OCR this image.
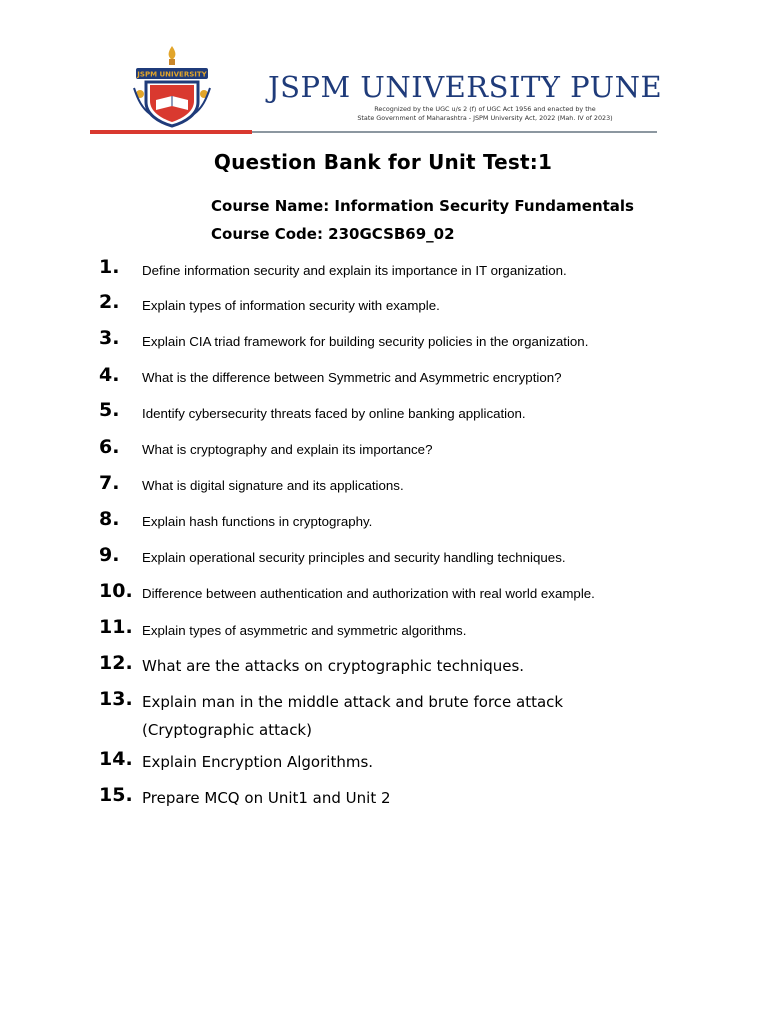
JSPM UNIVERSITY JSPM UNIVERSITY PUNE
Recognized by the UGC u/s 2 (f) of UGC Act 1956 and enacted by the
State Government of Maharashtra - JSPM University Act, 2022 (Mah. IV of 2023)
Question Bank for Unit Test:1
Course Name: Information Security Fundamentals
Course Code: 230GCSB69_02
1. Define information security and explain its importance in IT organization.
2. Explain types of information security with example.
3. Explain CIA triad framework for building security policies in the organization.
4. What is the difference between Symmetric and Asymmetric encryption?
5. Identify cybersecurity threats faced by online banking application.
6. What is cryptography and explain its importance?
7. What is digital signature and its applications.
8. Explain hash functions in cryptography.
9. Explain operational security principles and security handling techniques.
10. Difference between authentication and authorization with real world example.
11. Explain types of asymmetric and symmetric algorithms.
12. What are the attacks on cryptographic techniques.
13. Explain man in the middle attack and brute force attack (Cryptographic attack)
14. Explain Encryption Algorithms.
15. Prepare MCQ on Unit1 and Unit 2
